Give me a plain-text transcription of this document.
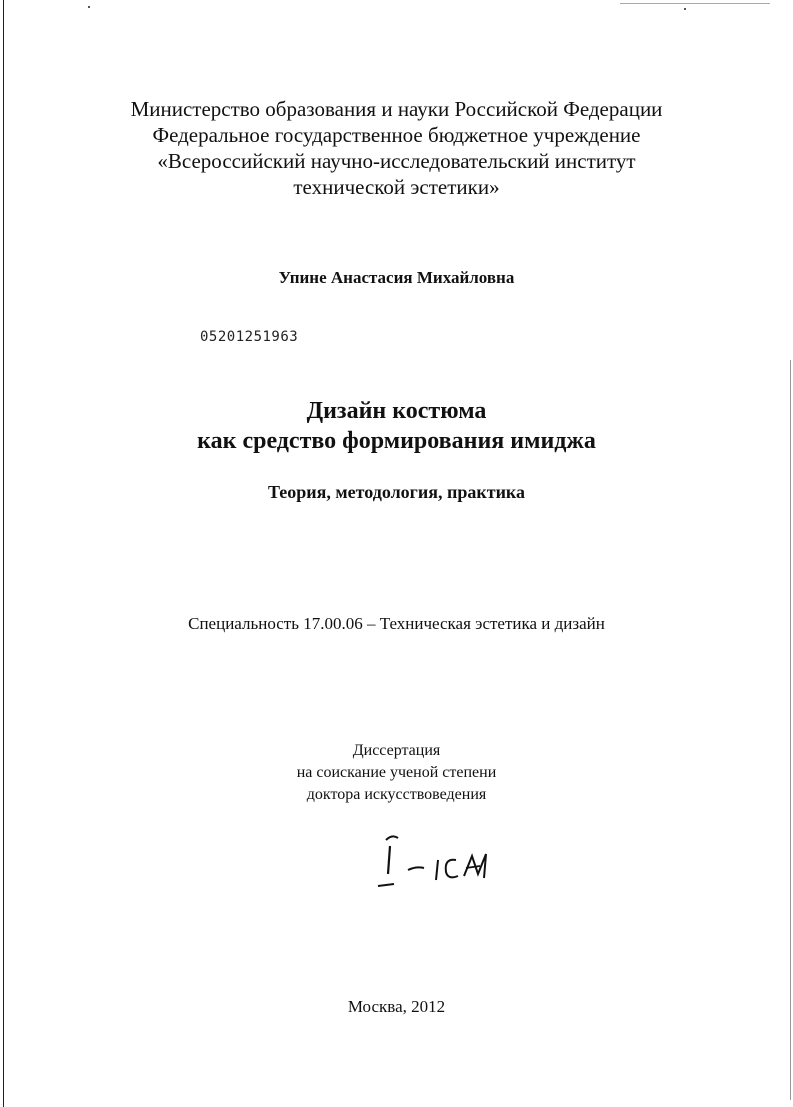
Министерство образования и науки Российской Федерации
Федеральное государственное бюджетное учреждение
«Всероссийский научно-исследовательский институт
технической эстетики»
Упине Анастасия Михайловна
05201251963
Дизайн костюма
как средство формирования имиджа
Теория, методология, практика
Специальность 17.00.06 – Техническая эстетика и дизайн
Диссертация
на соискание ученой степени
доктора искусствоведения
Москва, 2012
